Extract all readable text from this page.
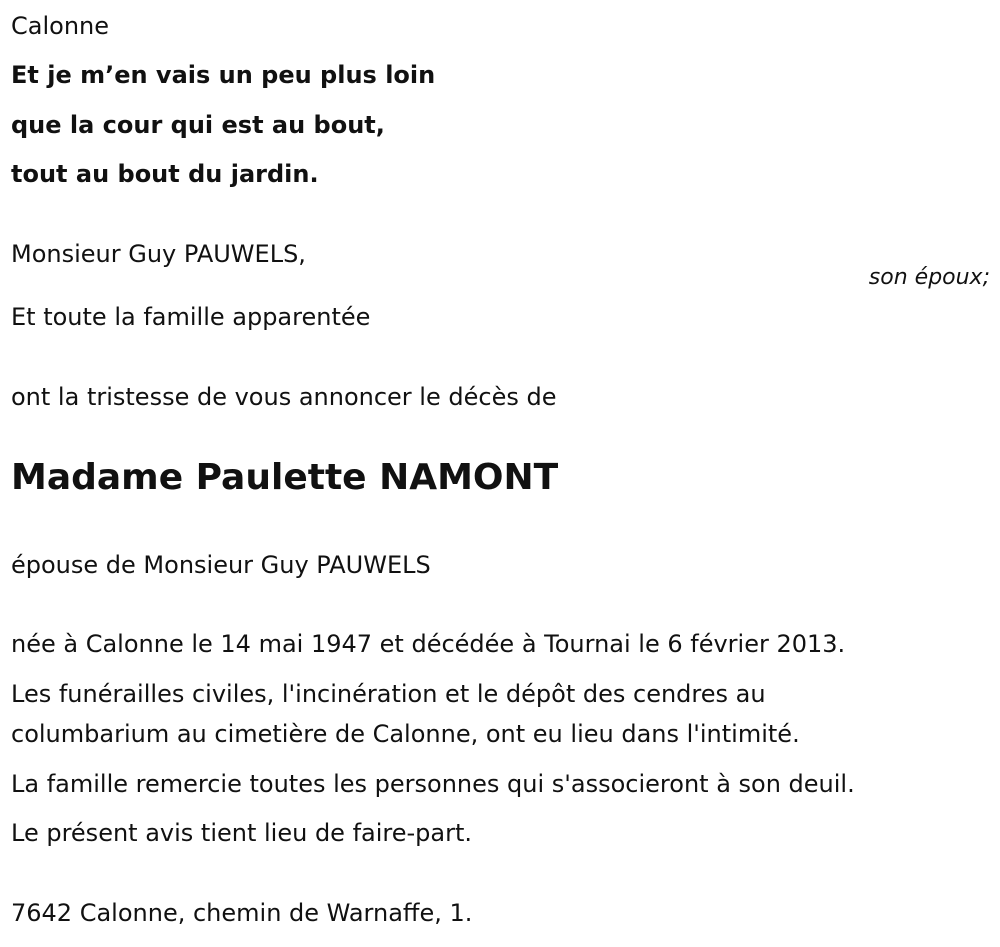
Calonne
Et je m’en vais un peu plus loin
que la cour qui est au bout,
tout au bout du jardin.
Monsieur Guy PAUWELS,
son époux;
Et toute la famille apparentée
ont la tristesse de vous annoncer le décès de
Madame Paulette NAMONT
épouse de Monsieur Guy PAUWELS
née à Calonne le 14 mai 1947 et décédée à Tournai le 6 février 2013.
Les funérailles civiles, l'incinération et le dépôt des cendres au
columbarium au cimetière de Calonne, ont eu lieu dans l'intimité.
La famille remercie toutes les personnes qui s'associeront à son deuil.
Le présent avis tient lieu de faire-part.
7642 Calonne, chemin de Warnaffe, 1.
